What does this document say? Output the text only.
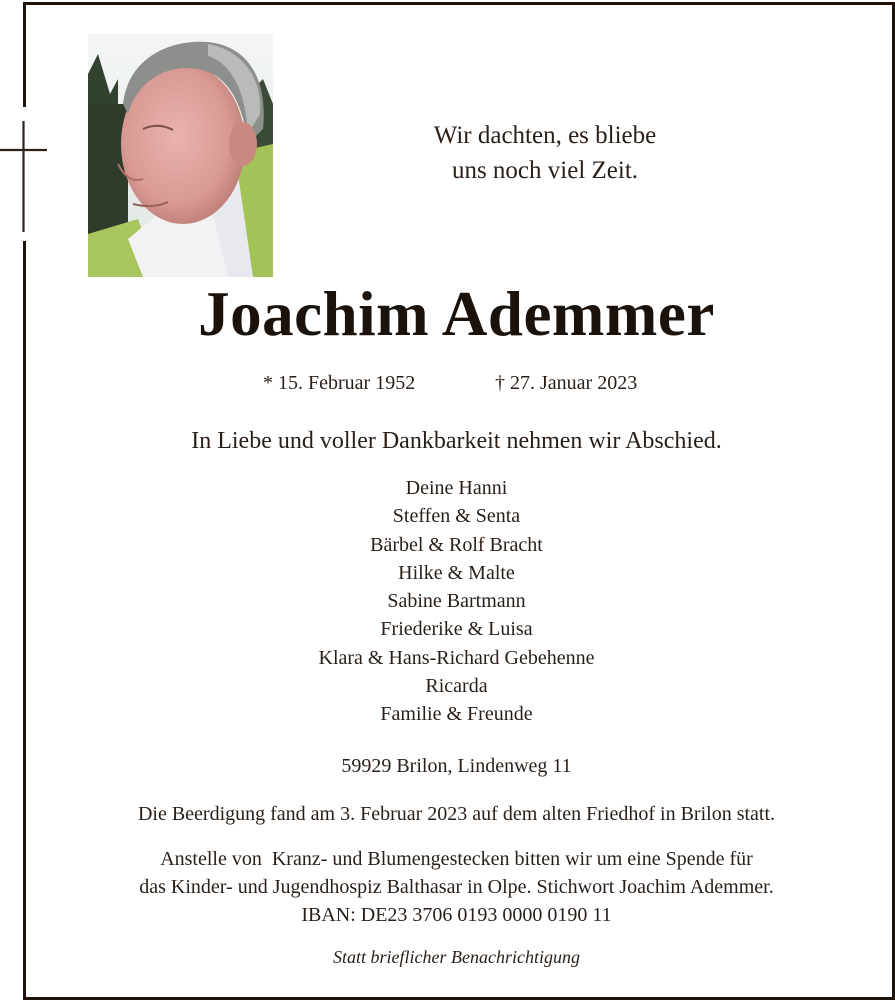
Wir dachten, es bliebe
uns noch viel Zeit.
Joachim Ademmer
* 15. Februar 1952	† 27. Januar 2023
In Liebe und voller Dankbarkeit nehmen wir Abschied.
Deine Hanni
Steffen & Senta
Bärbel & Rolf Bracht
Hilke & Malte
Sabine Bartmann
Friederike & Luisa
Klara & Hans-Richard Gebehenne
Ricarda
Familie & Freunde
59929 Brilon, Lindenweg 11
Die Beerdigung fand am 3. Februar 2023 auf dem alten Friedhof in Brilon statt.
Anstelle von  Kranz- und Blumengestecken bitten wir um eine Spende für
das Kinder- und Jugendhospiz Balthasar in Olpe. Stichwort Joachim Ademmer.
IBAN: DE23 3706 0193 0000 0190 11
Statt brieflicher Benachrichtigung
